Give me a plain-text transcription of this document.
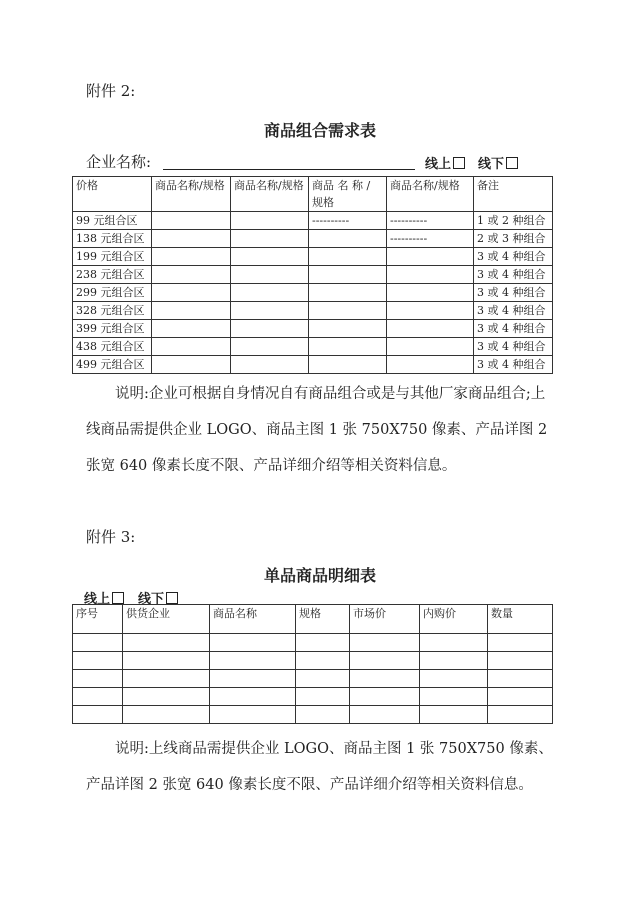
附件 2:
商品组合需求表
企业名称:	线上 线下
价格	商品名称/规格	商品名称/规格	商品 名 称 / 规格	商品名称/规格	备注
99 元组合区			----------	----------	1 或 2 种组合
138 元组合区				----------	2 或 3 种组合
199 元组合区					3 或 4 种组合
238 元组合区					3 或 4 种组合
299 元组合区					3 或 4 种组合
328 元组合区					3 或 4 种组合
399 元组合区					3 或 4 种组合
438 元组合区					3 或 4 种组合
499 元组合区					3 或 4 种组合
说明:企业可根据自身情况自有商品组合或是与其他厂家商品组合;上线商品需提供企业 LOGO、商品主图 1 张 750X750 像素、产品详图 2 张宽 640 像素长度不限、产品详细介绍等相关资料信息。
附件 3:
单品商品明细表
线上 线下
序号	供货企业	商品名称	规格	市场价	内购价	数量

说明:上线商品需提供企业 LOGO、商品主图 1 张 750X750 像素、产品详图 2 张宽 640 像素长度不限、产品详细介绍等相关资料信息。
